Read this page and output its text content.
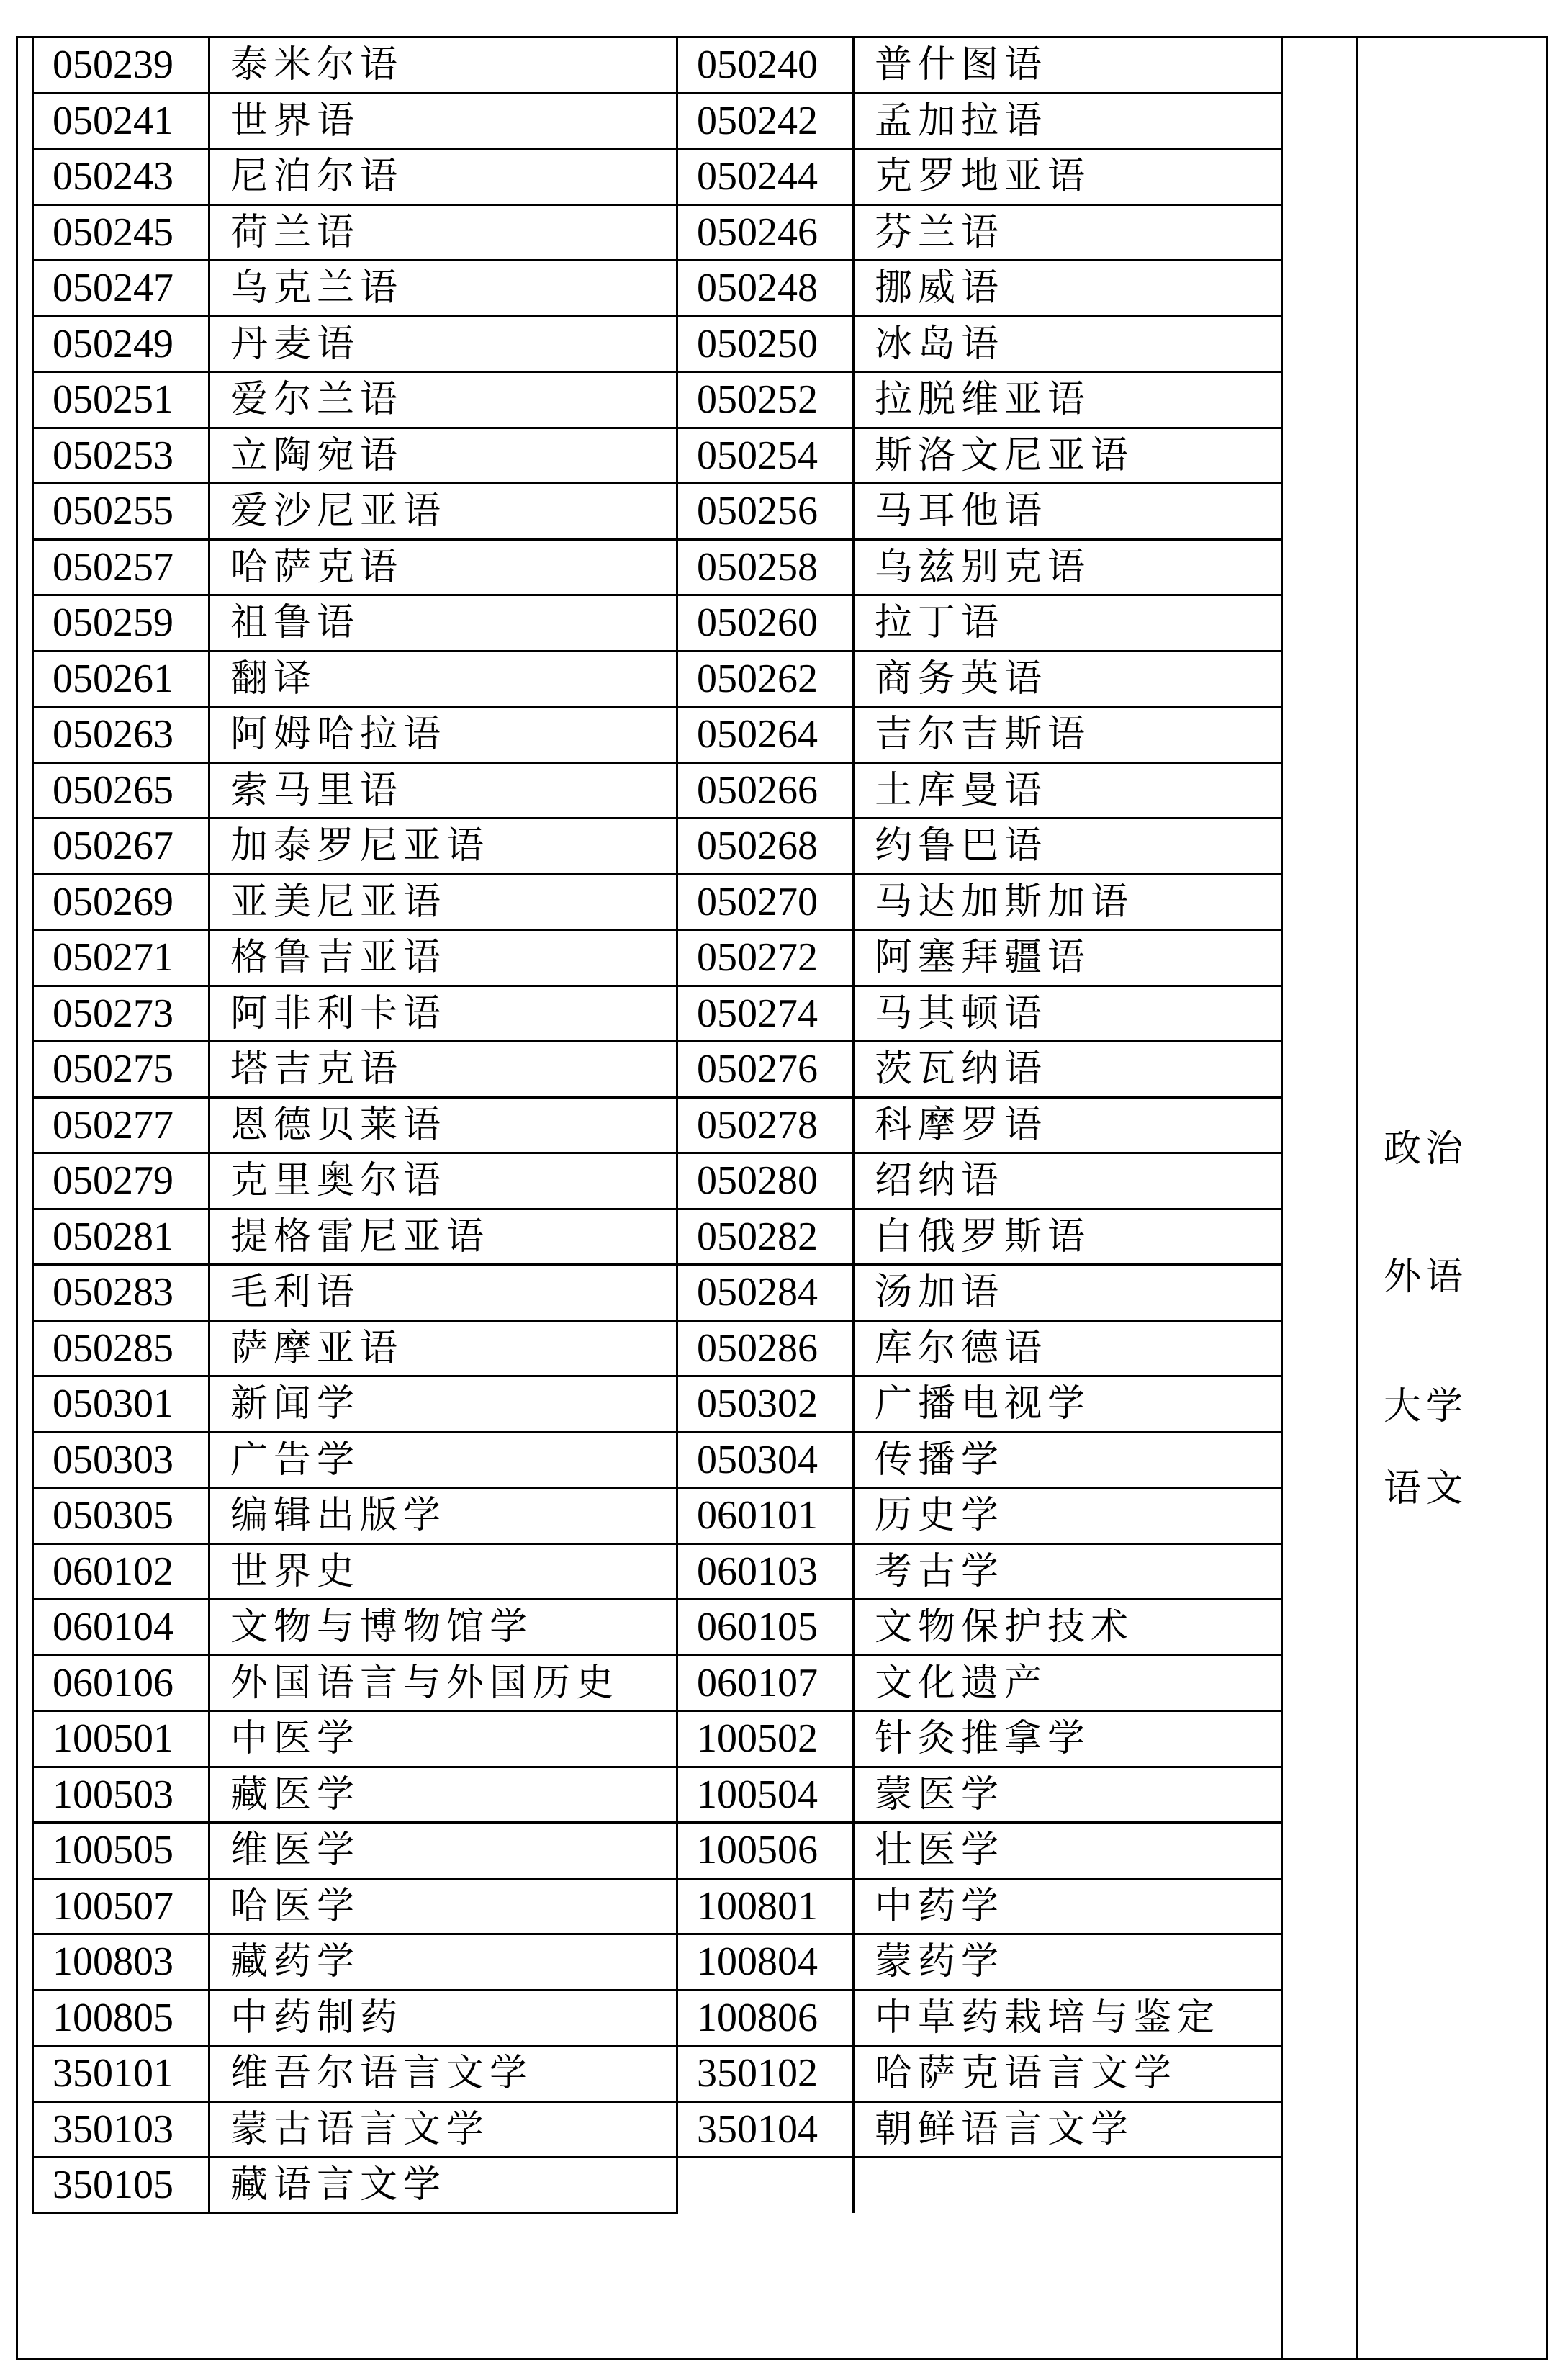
050239	泰米尔语	050240	普什图语
050241	世界语	050242	孟加拉语
050243	尼泊尔语	050244	克罗地亚语
050245	荷兰语	050246	芬兰语
050247	乌克兰语	050248	挪威语
050249	丹麦语	050250	冰岛语
050251	爱尔兰语	050252	拉脱维亚语
050253	立陶宛语	050254	斯洛文尼亚语
050255	爱沙尼亚语	050256	马耳他语
050257	哈萨克语	050258	乌兹别克语
050259	祖鲁语	050260	拉丁语
050261	翻译	050262	商务英语
050263	阿姆哈拉语	050264	吉尔吉斯语
050265	索马里语	050266	土库曼语
050267	加泰罗尼亚语	050268	约鲁巴语
050269	亚美尼亚语	050270	马达加斯加语
050271	格鲁吉亚语	050272	阿塞拜疆语
050273	阿非利卡语	050274	马其顿语
050275	塔吉克语	050276	茨瓦纳语
050277	恩德贝莱语	050278	科摩罗语
050279	克里奥尔语	050280	绍纳语
050281	提格雷尼亚语	050282	白俄罗斯语
050283	毛利语	050284	汤加语
050285	萨摩亚语	050286	库尔德语
050301	新闻学	050302	广播电视学
050303	广告学	050304	传播学
050305	编辑出版学	060101	历史学
060102	世界史	060103	考古学
060104	文物与博物馆学	060105	文物保护技术
060106	外国语言与外国历史	060107	文化遗产
100501	中医学	100502	针灸推拿学
100503	藏医学	100504	蒙医学
100505	维医学	100506	壮医学
100507	哈医学	100801	中药学
100803	藏药学	100804	蒙药学
100805	中药制药	100806	中草药栽培与鉴定
350101	维吾尔语言文学	350102	哈萨克语言文学
350103	蒙古语言文学	350104	朝鲜语言文学
350105	藏语言文学		
政治
外语
大学
语文
